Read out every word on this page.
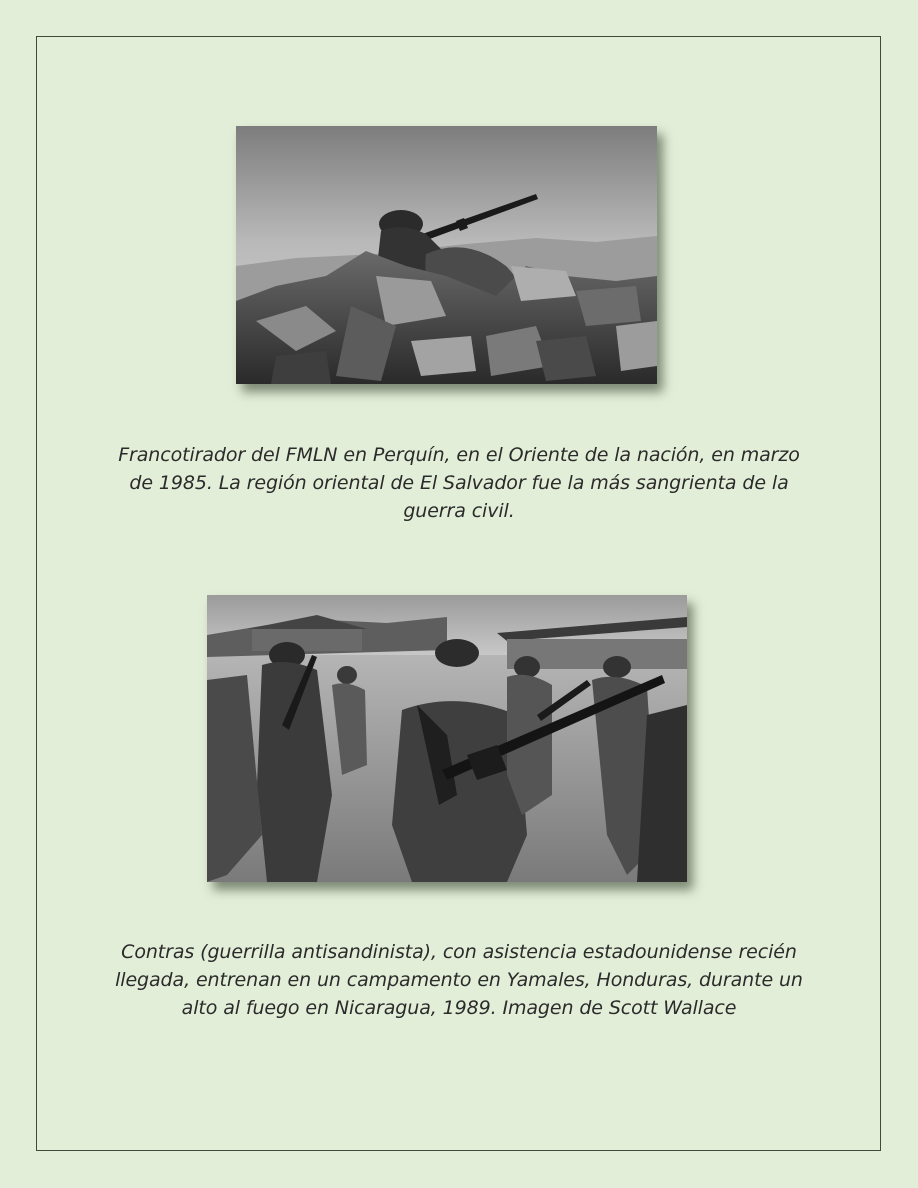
Francotirador del FMLN en Perquín, en el Oriente de la nación, en marzo de 1985. La región oriental de El Salvador fue la más sangrienta de la guerra civil.
Contras (guerrilla antisandinista), con asistencia estadounidense recién llegada, entrenan en un campamento en Yamales, Honduras, durante un alto al fuego en Nicaragua, 1989. Imagen de Scott Wallace
